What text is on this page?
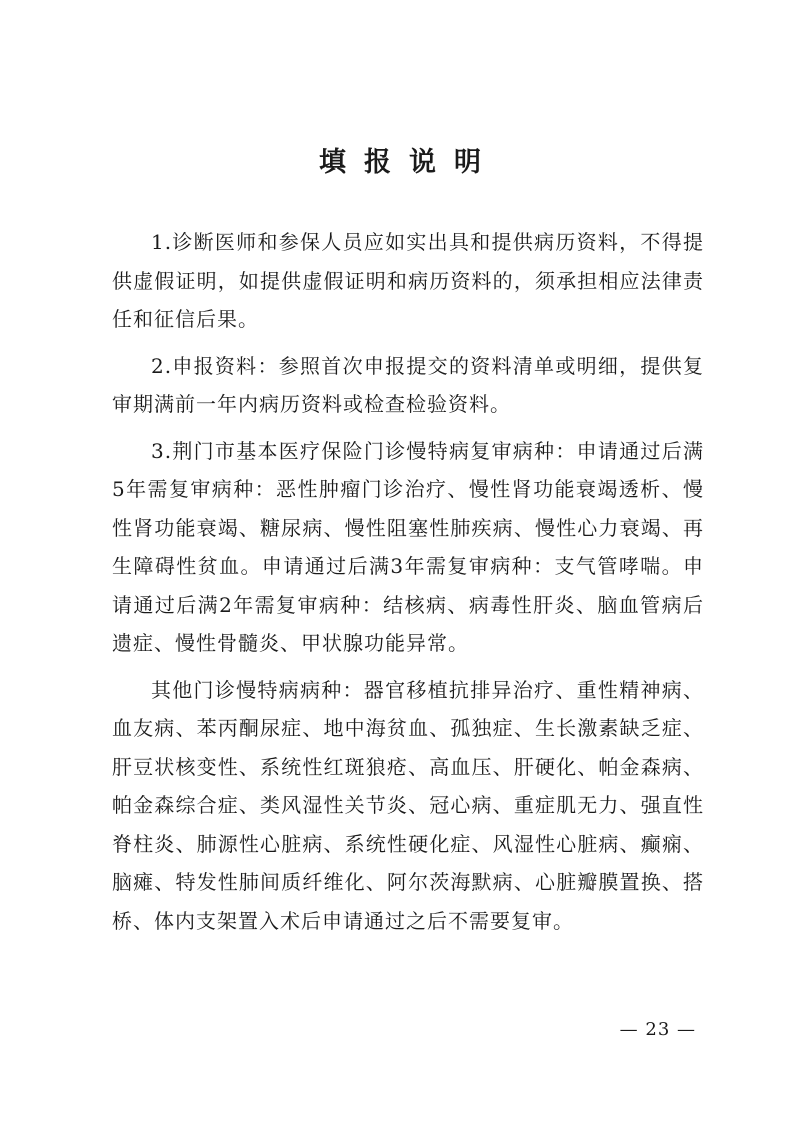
填报说明

1.诊断医师和参保人员应如实出具和提供病历资料，不得提供虚假证明，如提供虚假证明和病历资料的，须承担相应法律责任和征信后果。

2.申报资料：参照首次申报提交的资料清单或明细，提供复审期满前一年内病历资料或检查检验资料。

3.荆门市基本医疗保险门诊慢特病复审病种：申请通过后满5年需复审病种：恶性肿瘤门诊治疗、慢性肾功能衰竭透析、慢性肾功能衰竭、糖尿病、慢性阻塞性肺疾病、慢性心力衰竭、再生障碍性贫血。申请通过后满3年需复审病种：支气管哮喘。申请通过后满2年需复审病种：结核病、病毒性肝炎、脑血管病后遗症、慢性骨髓炎、甲状腺功能异常。

其他门诊慢特病病种：器官移植抗排异治疗、重性精神病、血友病、苯丙酮尿症、地中海贫血、孤独症、生长激素缺乏症、肝豆状核变性、系统性红斑狼疮、高血压、肝硬化、帕金森病、帕金森综合症、类风湿性关节炎、冠心病、重症肌无力、强直性脊柱炎、肺源性心脏病、系统性硬化症、风湿性心脏病、癫痫、脑瘫、特发性肺间质纤维化、阿尔茨海默病、心脏瓣膜置换、搭桥、体内支架置入术后申请通过之后不需要复审。

— 23 —
